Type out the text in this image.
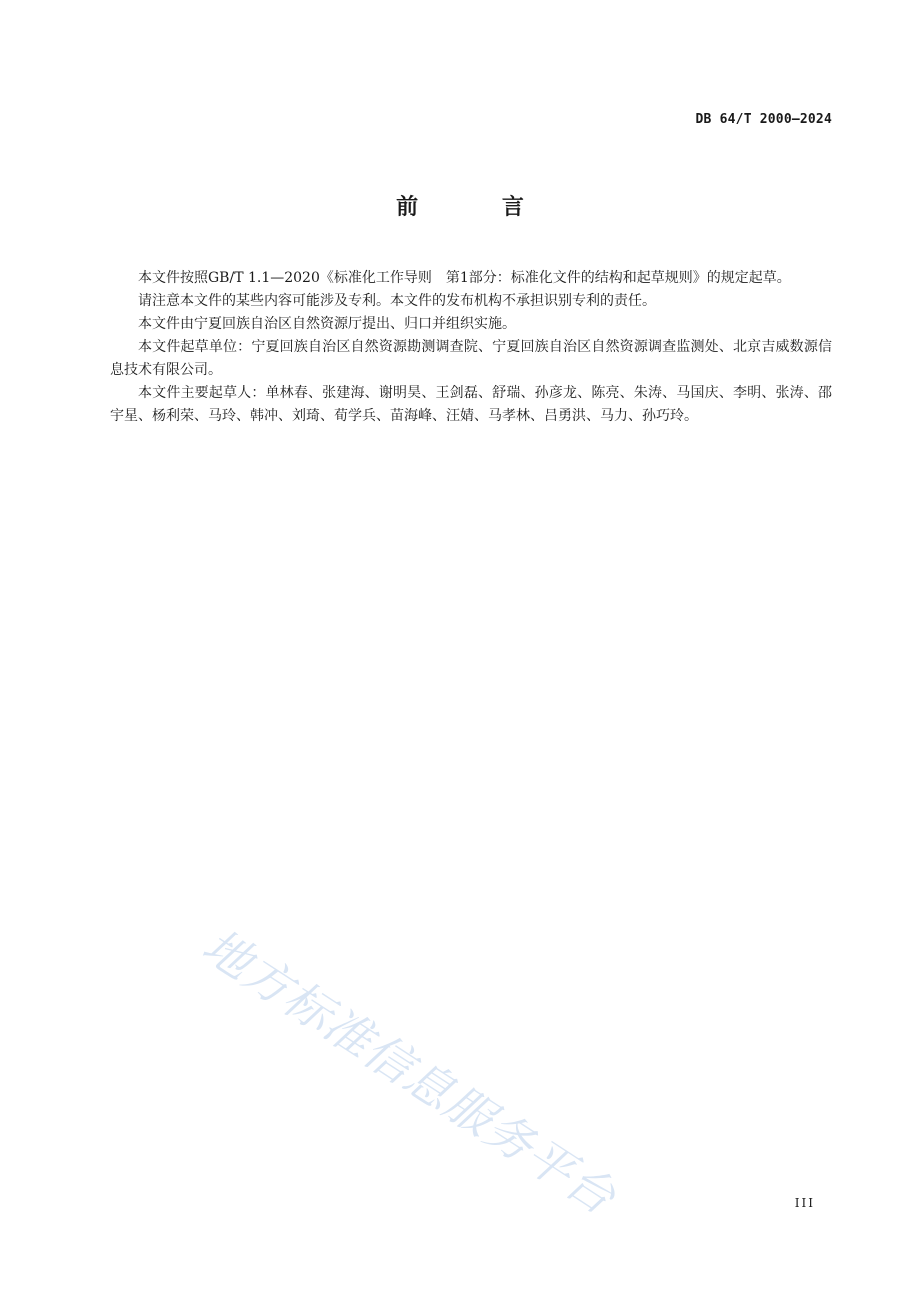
DB 64/T 2000—2024
前 言

本文件按照GB/T 1.1—2020《标准化工作导则　第1部分：标准化文件的结构和起草规则》的规定起草。

请注意本文件的某些内容可能涉及专利。本文件的发布机构不承担识别专利的责任。

本文件由宁夏回族自治区自然资源厅提出、归口并组织实施。

本文件起草单位：宁夏回族自治区自然资源勘测调查院、宁夏回族自治区自然资源调查监测处、北京吉威数源信息技术有限公司。

本文件主要起草人：单林春、张建海、谢明昊、王剑磊、舒瑞、孙彦龙、陈亮、朱涛、马国庆、李明、张涛、邵宇星、杨利荣、马玲、韩冲、刘琦、荀学兵、苗海峰、汪婧、马孝林、吕勇洪、马力、孙巧玲。

地方标准信息服务平台	III
